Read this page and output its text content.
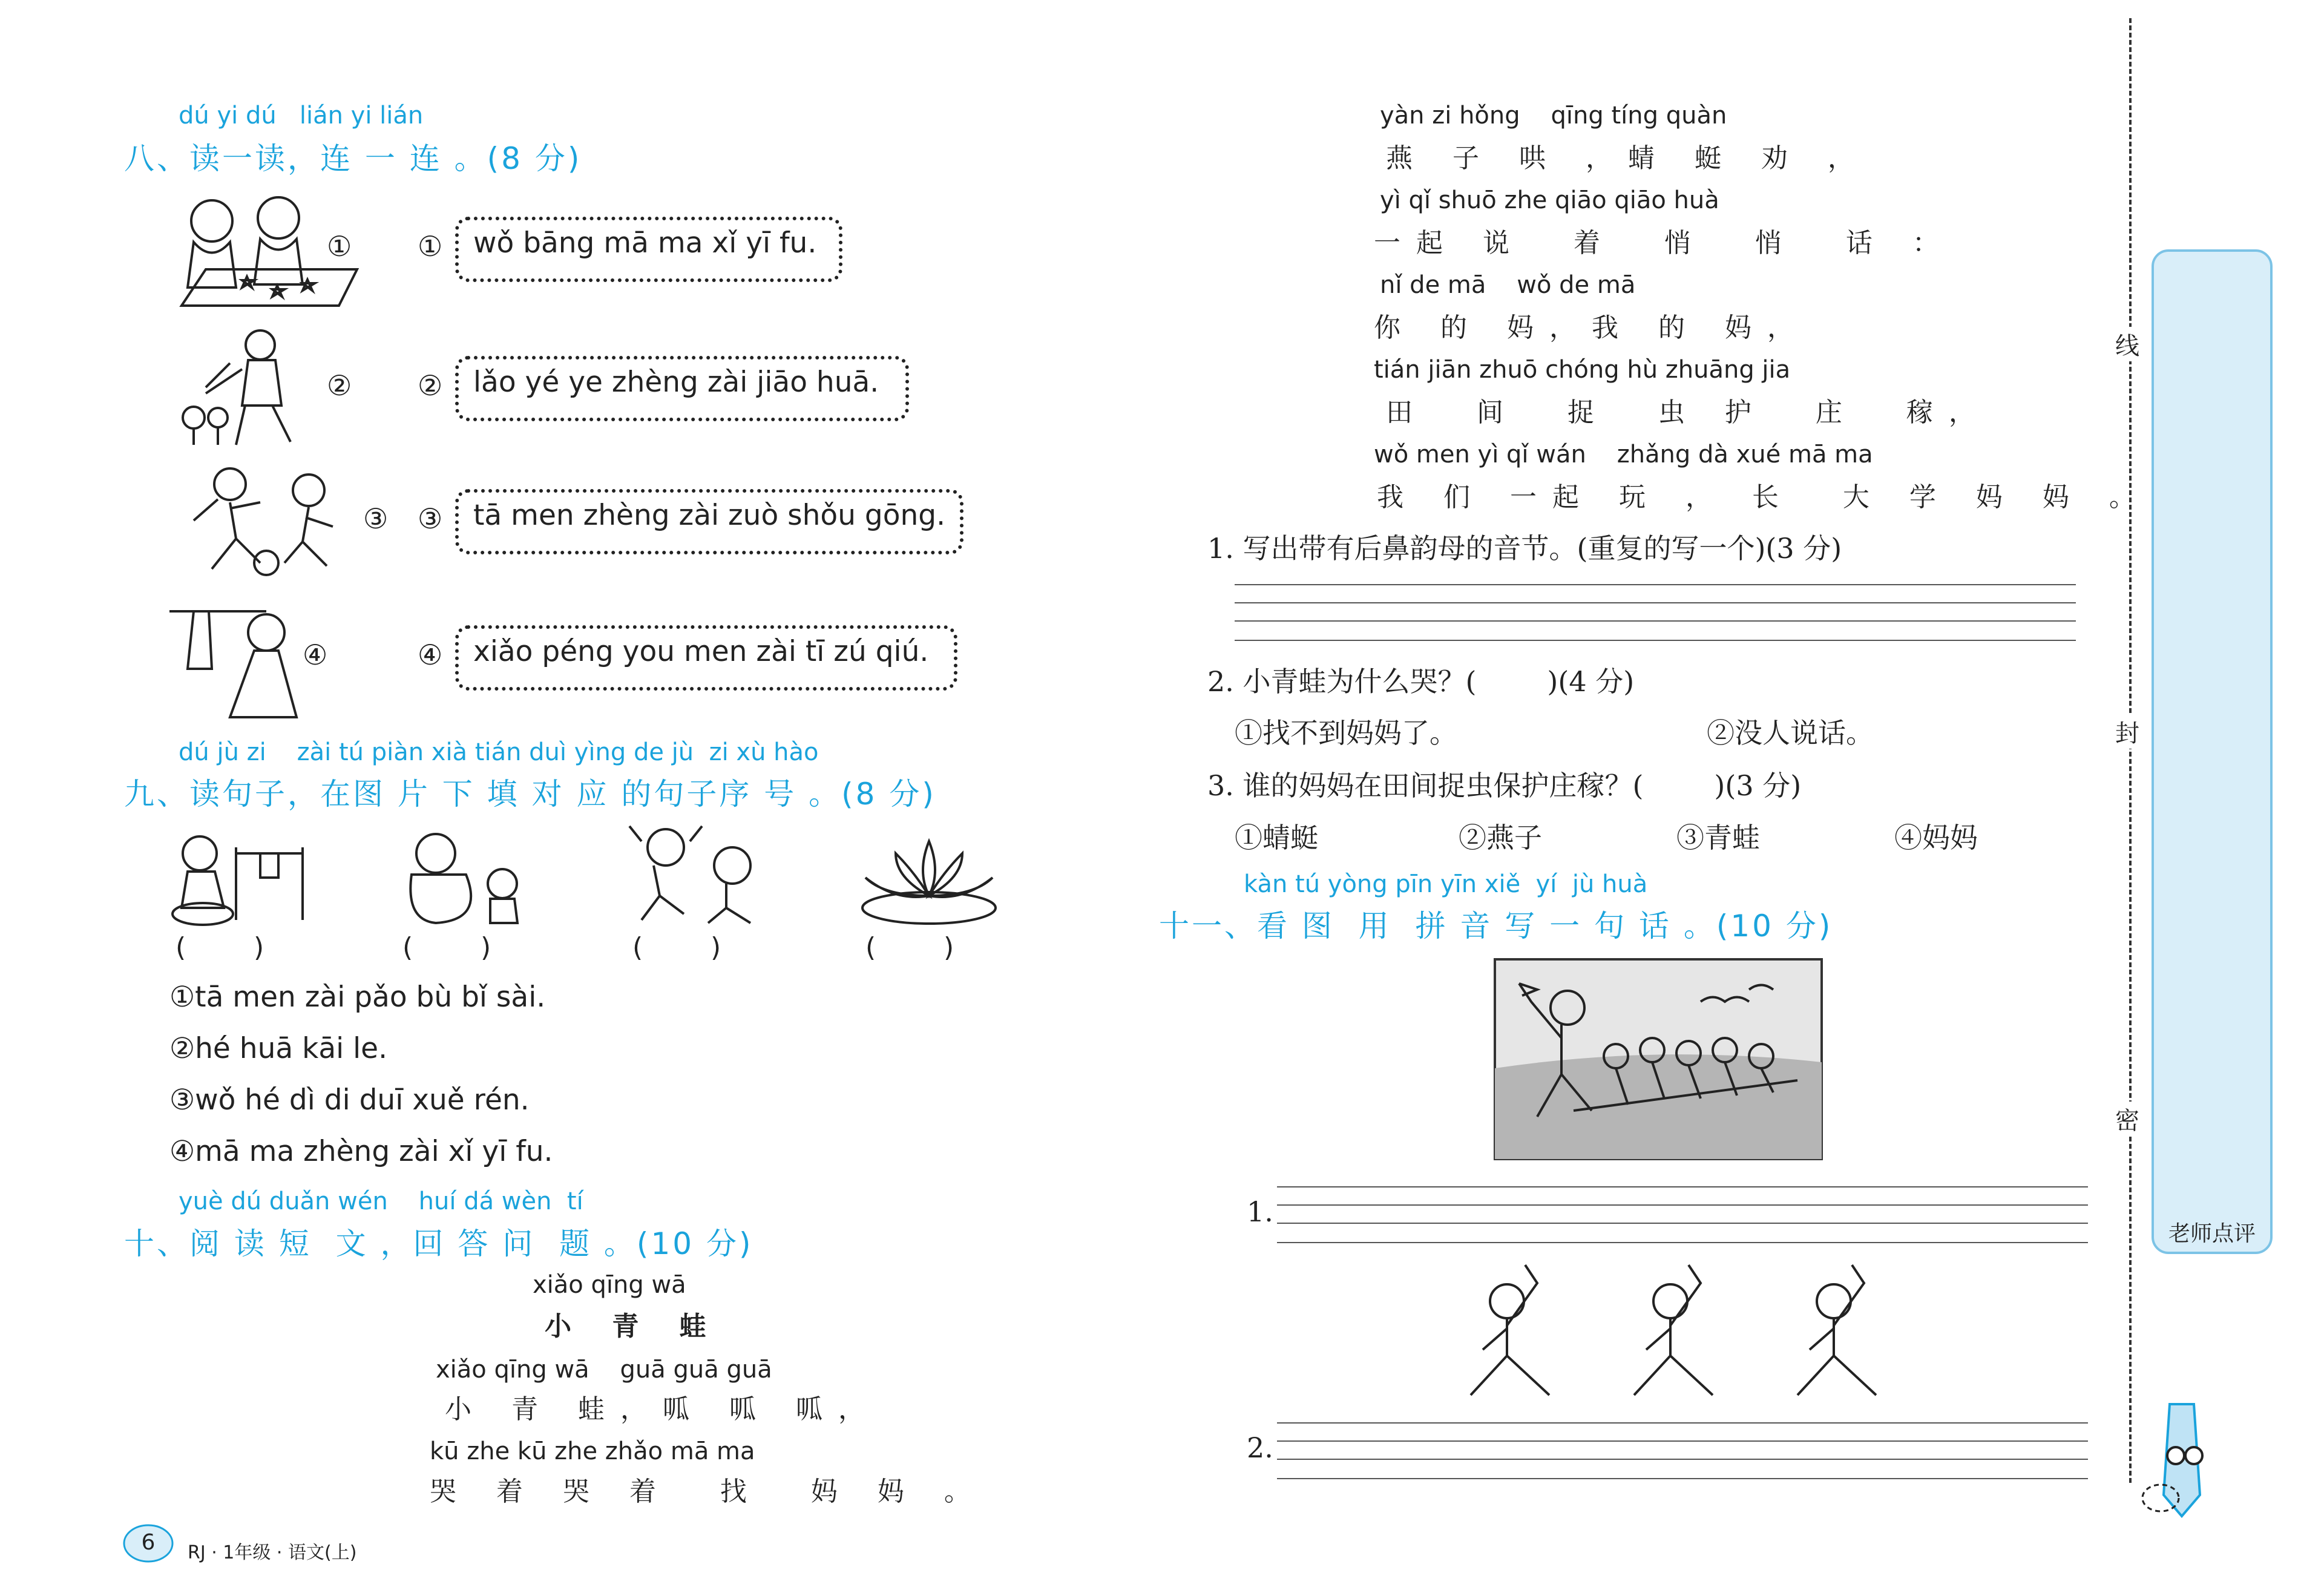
dú yi dú   lián yi lián
八、读一读，连 一 连 。(8 分)
①
②
③
④
①	wǒ bāng mā ma xǐ yī fu.
②	lǎo yé ye zhèng zài jiāo huā.
③	tā men zhèng zài zuò shǒu gōng.
④	xiǎo péng you men zài tī zú qiú.
dú jù zi    zài tú piàn xià tián duì yìng de jù  zi xù hào
九、读句子，在图 片 下 填 对 应 的句子序 号 。(8 分)
(        )	(        )	(        )	(        )
①tā men zài pǎo bù bǐ sài.
②hé huā kāi le.
③wǒ hé dì di duī xuě rén.
④mā ma zhèng zài xǐ yī fu.
yuè dú duǎn wén    huí dá wèn  tí
十、阅 读 短  文 ，回 答 问  题 。(10 分)
xiǎo qīng wā
小 青 蛙
xiǎo qīng wā    guā guā guā
小 青 蛙，呱 呱 呱，
kū zhe kū zhe zhǎo mā ma
哭 着 哭 着  找  妈 妈 。
yàn zi hǒng    qīng tíng quàn
燕 子 哄 ，蜻 蜓 劝 ，
yì qǐ shuō zhe qiāo qiāo huà
一起 说  着  悄  悄  话 ：
nǐ de mā    wǒ de mā
你 的 妈，我 的 妈，
tián jiān zhuō chóng hù zhuāng jia
田  间  捉  虫 护  庄  稼，
wǒ men yì qǐ wán    zhǎng dà xué mā ma
我 们 一起 玩 ， 长  大 学 妈 妈 。
1. 写出带有后鼻韵母的音节。(重复的写一个)(3 分)
2. 小青蛙为什么哭？(        )(4 分)
①找不到妈妈了。	②没人说话。
3. 谁的妈妈在田间捉虫保护庄稼？(        )(3 分)
①蜻蜓	②燕子	③青蛙	④妈妈
kàn tú yòng pīn yīn xiě  yí  jù huà
十一、看 图  用  拼 音 写 一 句 话 。(10 分)
1.
2.
线
封
密
老师点评
6 RJ · 1年级 · 语文(上)
